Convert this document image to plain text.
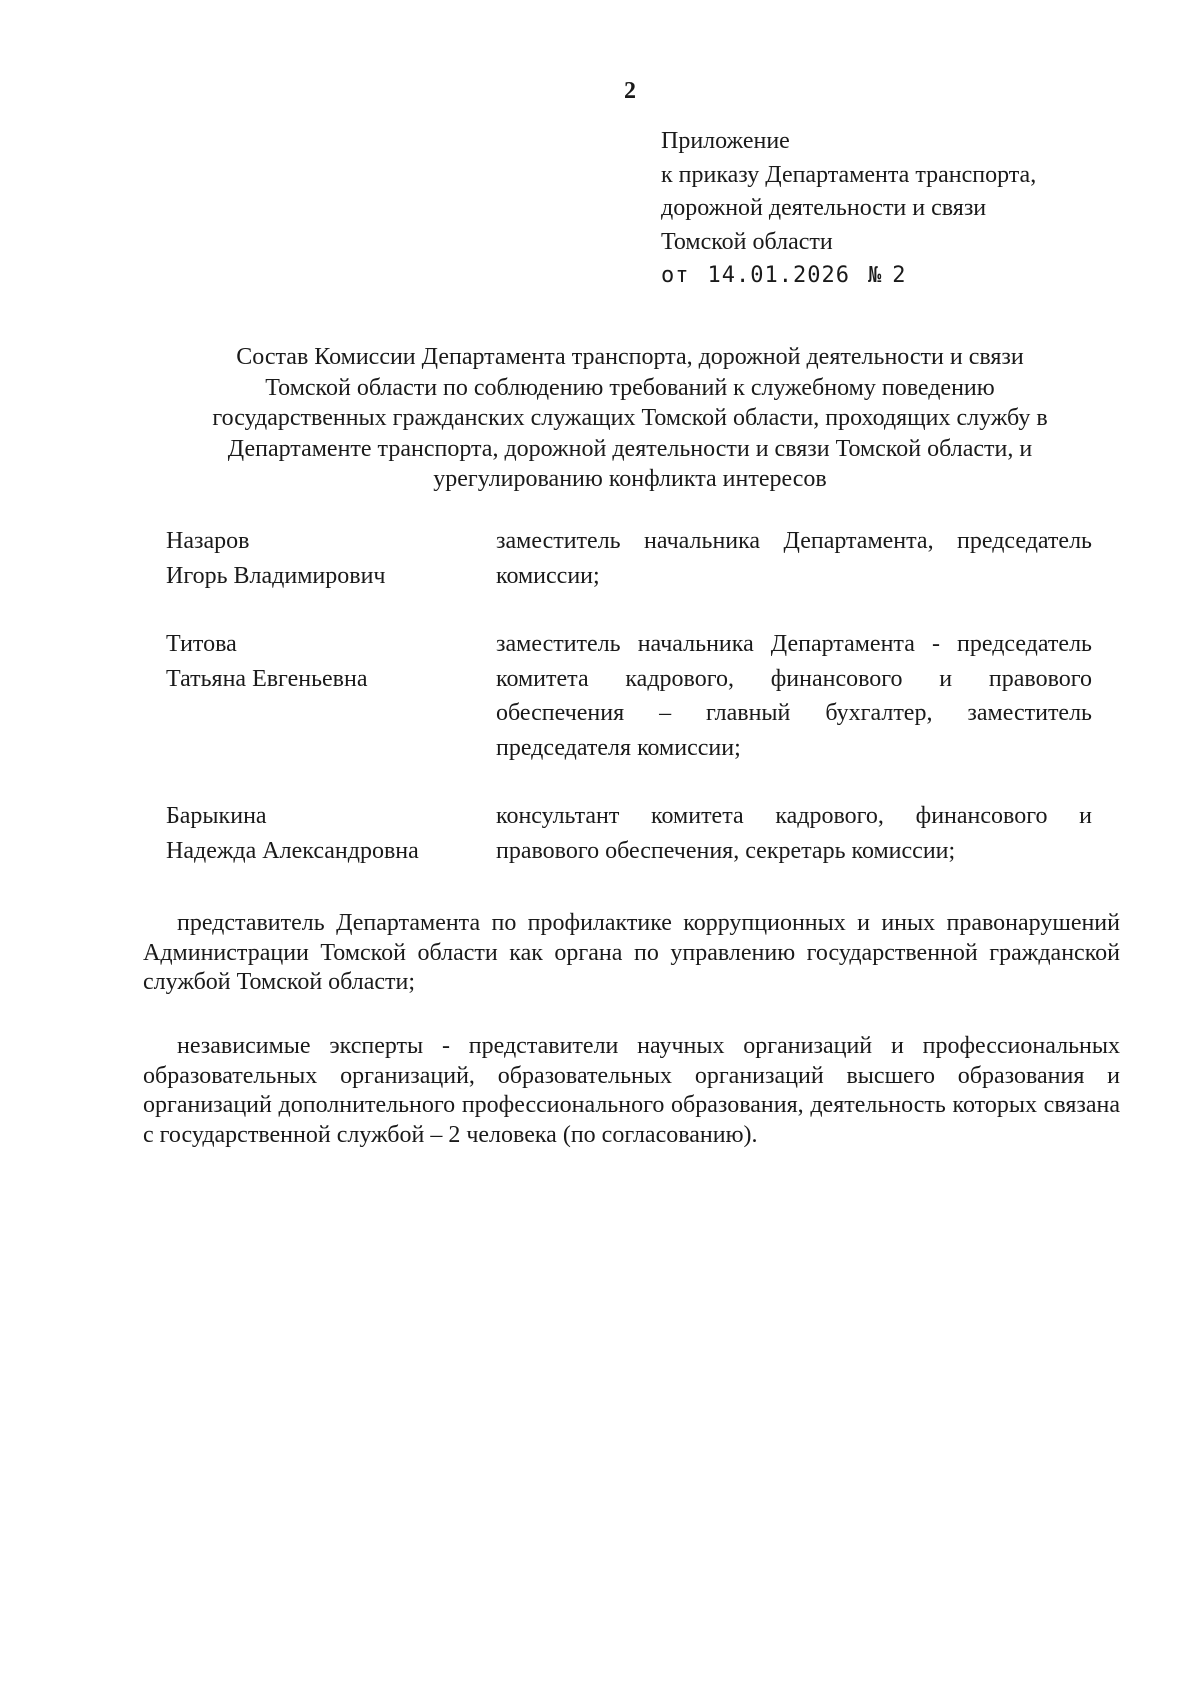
2
Приложение
к приказу Департамента транспорта,
дорожной деятельности и связи
Томской области
от 14.01.2026 № 2
Состав Комиссии Департамента транспорта, дорожной деятельности и связи
Томской области по соблюдению требований к служебному поведению
государственных гражданских служащих Томской области, проходящих службу в
Департаменте транспорта, дорожной деятельности и связи Томской области, и
урегулированию конфликта интересов
Назаров
Игорь Владимирович
заместитель начальника Департамента, председатель комиссии;
Титова
Татьяна Евгеньевна
заместитель начальника Департамента - председатель комитета кадрового, финансового и правового обеспечения – главный бухгалтер, заместитель председателя комиссии;
Барыкина
Надежда Александровна
консультант комитета кадрового, финансового и правового обеспечения, секретарь комиссии;
представитель Департамента по профилактике коррупционных и иных правонарушений Администрации Томской области как органа по управлению государственной гражданской службой Томской области;
независимые эксперты - представители научных организаций и профессиональных образовательных организаций, образовательных организаций высшего образования и организаций дополнительного профессионального образования, деятельность которых связана с государственной службой – 2 человека (по согласованию).
